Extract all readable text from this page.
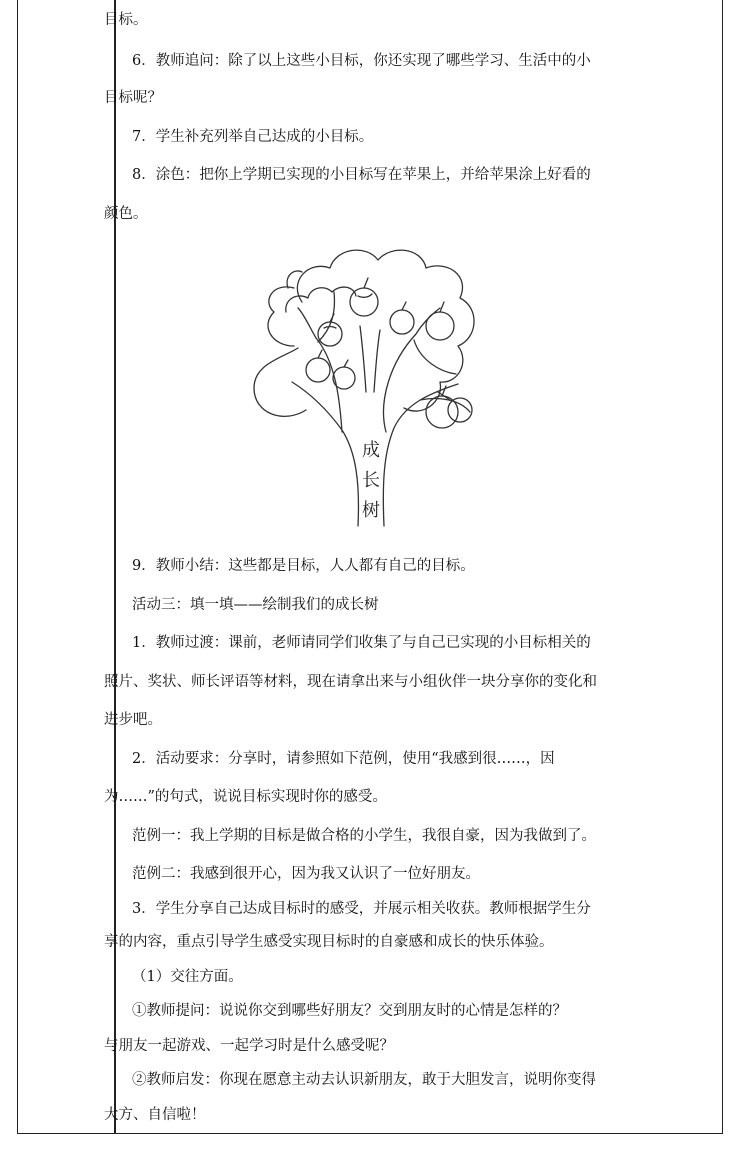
目标。

6．教师追问：除了以上这些小目标，你还实现了哪些学习、生活中的小

目标呢？

7．学生补充列举自己达成的小目标。

8．涂色：把你上学期已实现的小目标写在苹果上，并给苹果涂上好看的

颜色。

9．教师小结：这些都是目标，人人都有自己的目标。

活动三：填一填——绘制我们的成长树

1．教师过渡：课前，老师请同学们收集了与自己已实现的小目标相关的

照片、奖状、师长评语等材料，现在请拿出来与小组伙伴一块分享你的变化和

进步吧。

2．活动要求：分享时，请参照如下范例，使用“我感到很……，因

为……”的句式，说说目标实现时你的感受。

范例一：我上学期的目标是做合格的小学生，我很自豪，因为我做到了。

范例二：我感到很开心，因为我又认识了一位好朋友。

3．学生分享自己达成目标时的感受，并展示相关收获。教师根据学生分

享的内容，重点引导学生感受实现目标时的自豪感和成长的快乐体验。

（1）交往方面。

①教师提问：说说你交到哪些好朋友？交到朋友时的心情是怎样的？

与朋友一起游戏、一起学习时是什么感受呢？

②教师启发：你现在愿意主动去认识新朋友，敢于大胆发言，说明你变得

大方、自信啦！

成
长
树
